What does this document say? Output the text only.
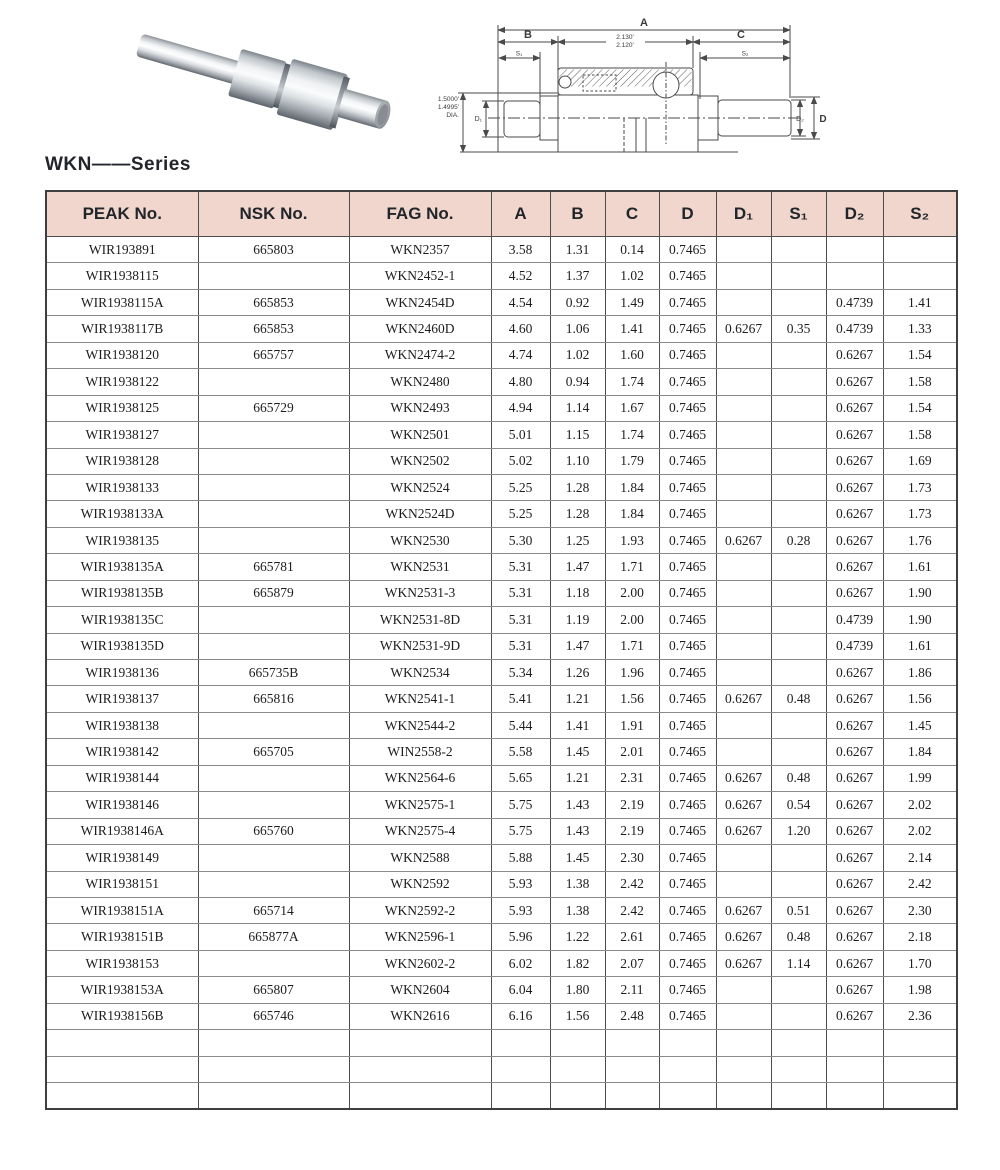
A
B	C
2.130'
2.120'
S₁	S₂
1.5000'
1.4995'
DIA.
D₁	D₂ D
WKN——Series
PEAK No.	NSK No.	FAG No.	A	B	C	D	D₁	S₁	D₂	S₂
WIR193891	665803	WKN2357	3.58	1.31	0.14	0.7465				
WIR1938115		WKN2452-1	4.52	1.37	1.02	0.7465				
WIR1938115A	665853	WKN2454D	4.54	0.92	1.49	0.7465			0.4739	1.41
WIR1938117B	665853	WKN2460D	4.60	1.06	1.41	0.7465	0.6267	0.35	0.4739	1.33
WIR1938120	665757	WKN2474-2	4.74	1.02	1.60	0.7465			0.6267	1.54
WIR1938122		WKN2480	4.80	0.94	1.74	0.7465			0.6267	1.58
WIR1938125	665729	WKN2493	4.94	1.14	1.67	0.7465			0.6267	1.54
WIR1938127		WKN2501	5.01	1.15	1.74	0.7465			0.6267	1.58
WIR1938128		WKN2502	5.02	1.10	1.79	0.7465			0.6267	1.69
WIR1938133		WKN2524	5.25	1.28	1.84	0.7465			0.6267	1.73
WIR1938133A		WKN2524D	5.25	1.28	1.84	0.7465			0.6267	1.73
WIR1938135		WKN2530	5.30	1.25	1.93	0.7465	0.6267	0.28	0.6267	1.76
WIR1938135A	665781	WKN2531	5.31	1.47	1.71	0.7465			0.6267	1.61
WIR1938135B	665879	WKN2531-3	5.31	1.18	2.00	0.7465			0.6267	1.90
WIR1938135C		WKN2531-8D	5.31	1.19	2.00	0.7465			0.4739	1.90
WIR1938135D		WKN2531-9D	5.31	1.47	1.71	0.7465			0.4739	1.61
WIR1938136	665735B	WKN2534	5.34	1.26	1.96	0.7465			0.6267	1.86
WIR1938137	665816	WKN2541-1	5.41	1.21	1.56	0.7465	0.6267	0.48	0.6267	1.56
WIR1938138		WKN2544-2	5.44	1.41	1.91	0.7465			0.6267	1.45
WIR1938142	665705	WIN2558-2	5.58	1.45	2.01	0.7465			0.6267	1.84
WIR1938144		WKN2564-6	5.65	1.21	2.31	0.7465	0.6267	0.48	0.6267	1.99
WIR1938146		WKN2575-1	5.75	1.43	2.19	0.7465	0.6267	0.54	0.6267	2.02
WIR1938146A	665760	WKN2575-4	5.75	1.43	2.19	0.7465	0.6267	1.20	0.6267	2.02
WIR1938149		WKN2588	5.88	1.45	2.30	0.7465			0.6267	2.14
WIR1938151		WKN2592	5.93	1.38	2.42	0.7465			0.6267	2.42
WIR1938151A	665714	WKN2592-2	5.93	1.38	2.42	0.7465	0.6267	0.51	0.6267	2.30
WIR1938151B	665877A	WKN2596-1	5.96	1.22	2.61	0.7465	0.6267	0.48	0.6267	2.18
WIR1938153		WKN2602-2	6.02	1.82	2.07	0.7465	0.6267	1.14	0.6267	1.70
WIR1938153A	665807	WKN2604	6.04	1.80	2.11	0.7465			0.6267	1.98
WIR1938156B	665746	WKN2616	6.16	1.56	2.48	0.7465			0.6267	2.36
